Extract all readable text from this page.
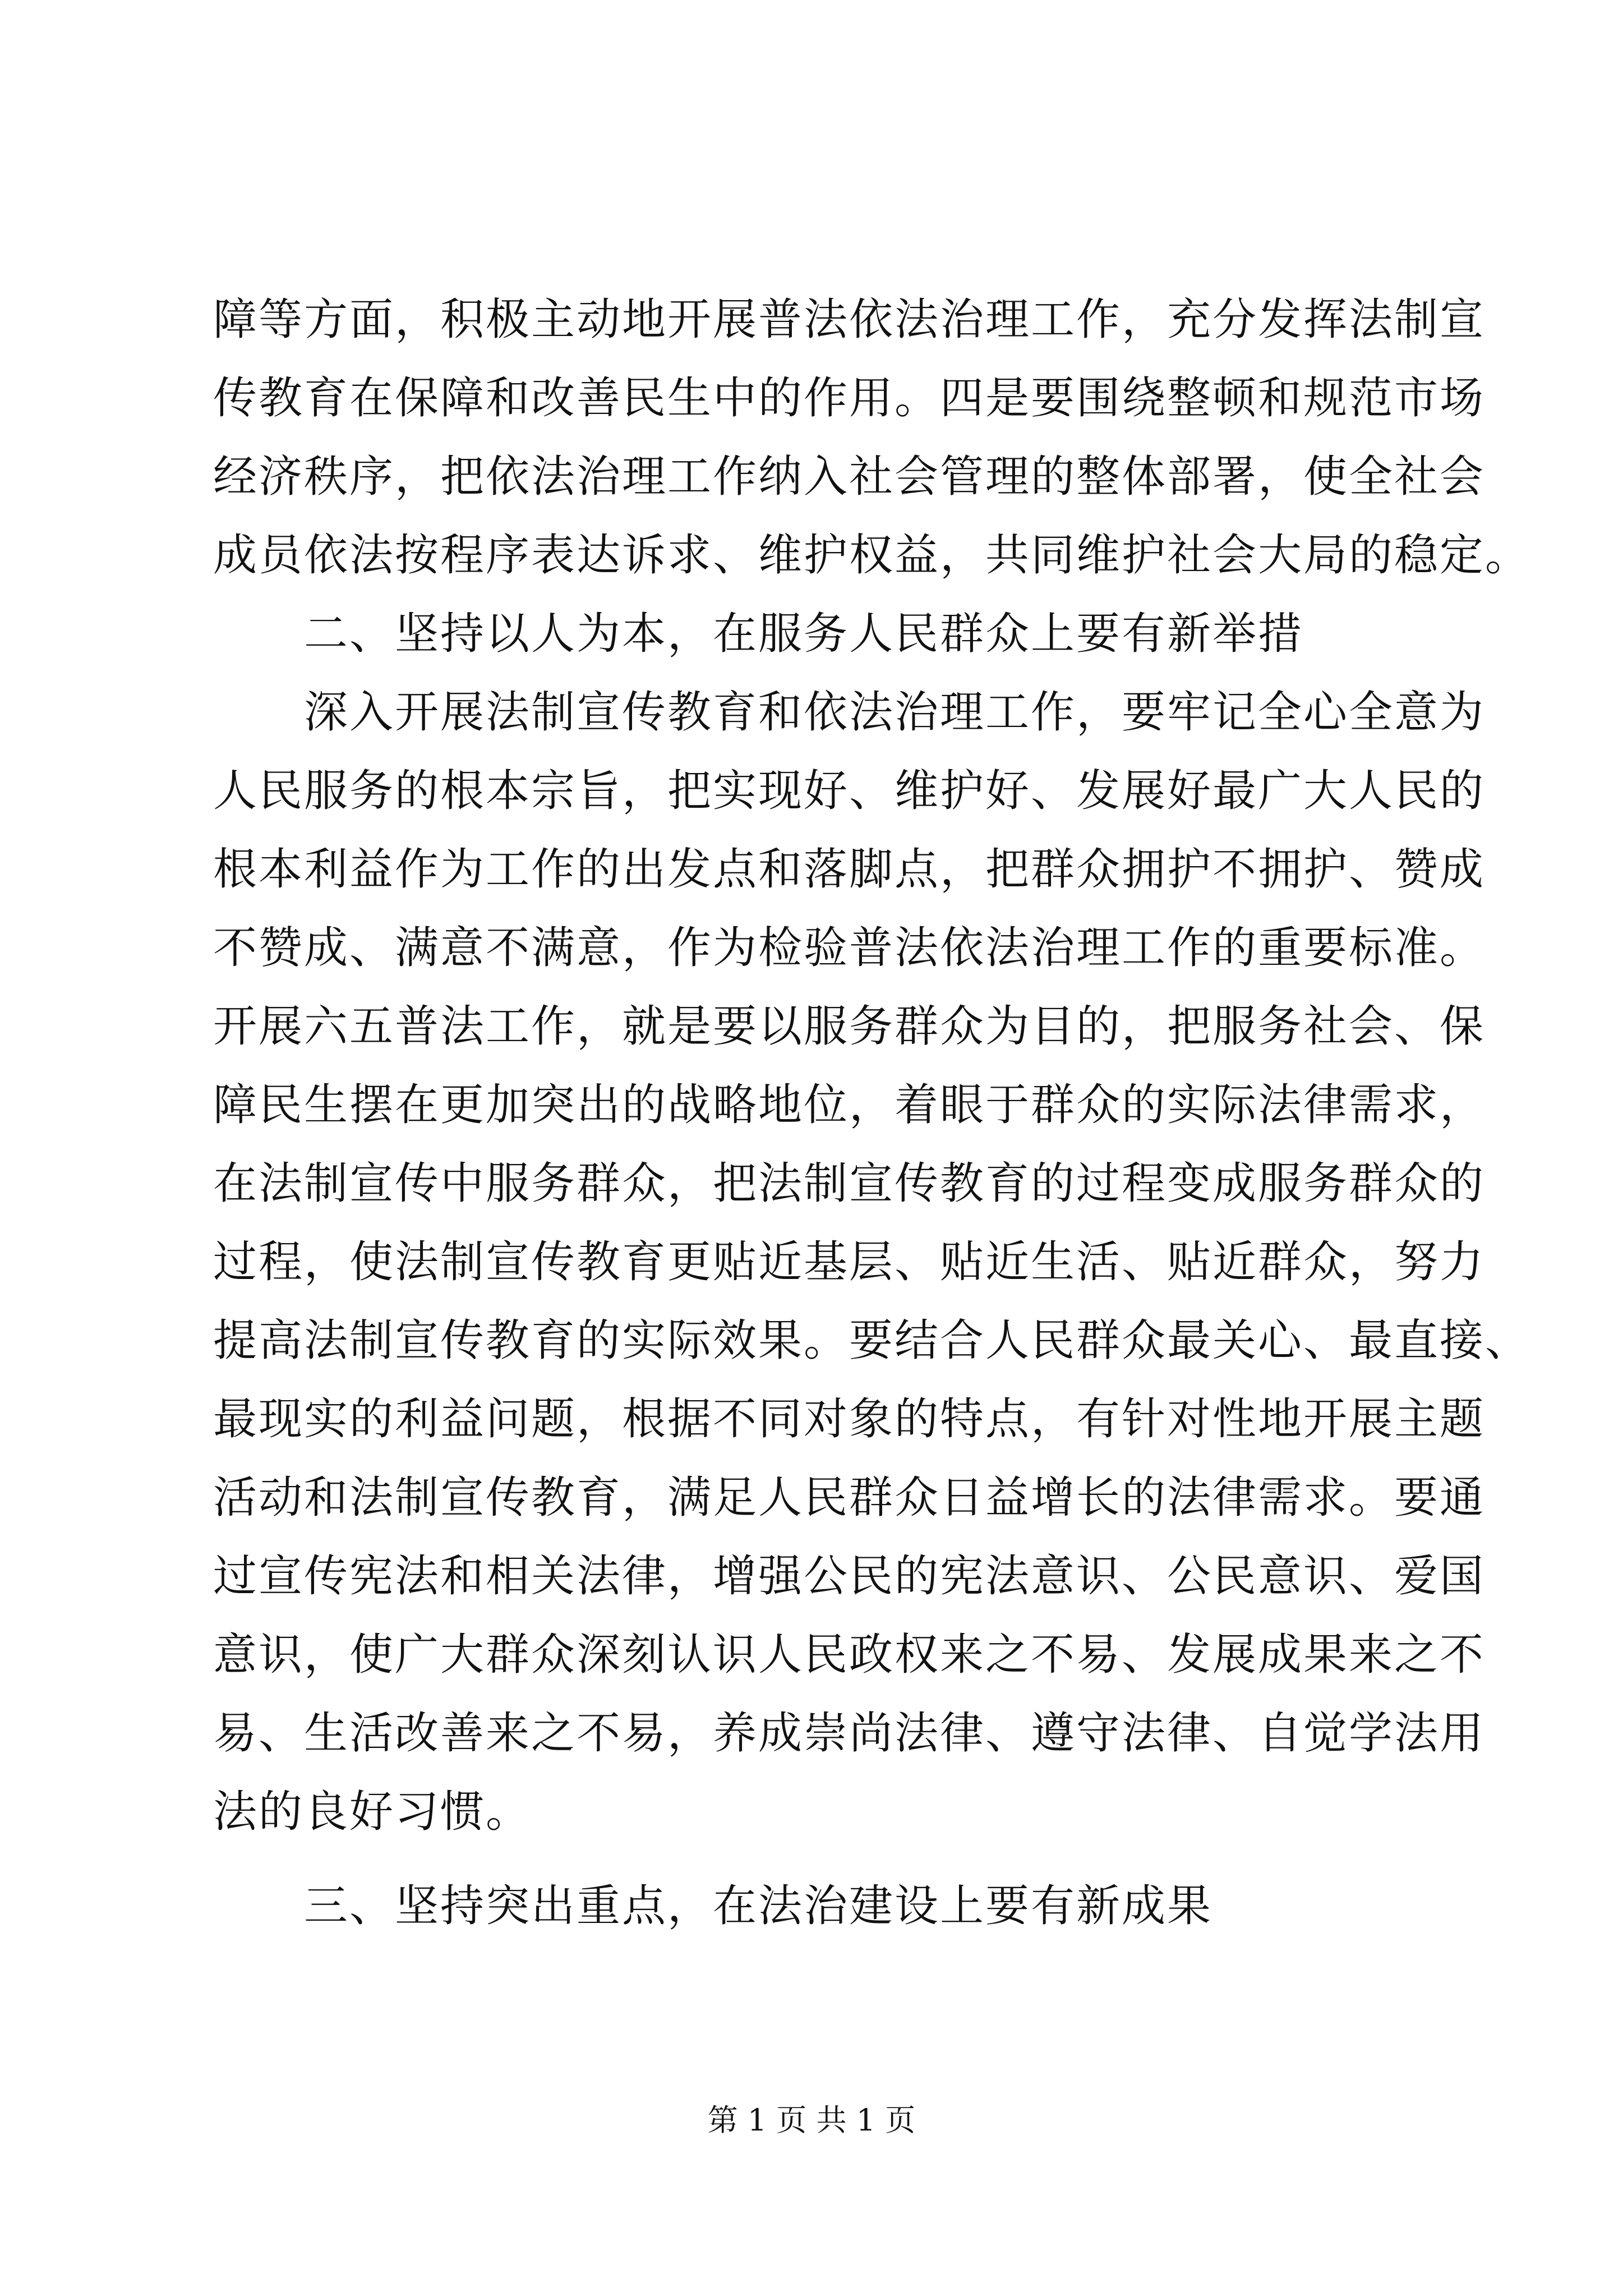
障等方面，积极主动地开展普法依法治理工作，充分发挥法制宣
传教育在保障和改善民生中的作用。四是要围绕整顿和规范市场
经济秩序，把依法治理工作纳入社会管理的整体部署，使全社会
成员依法按程序表达诉求、维护权益，共同维护社会大局的稳定。
　　二、坚持以人为本，在服务人民群众上要有新举措
　　深入开展法制宣传教育和依法治理工作，要牢记全心全意为
人民服务的根本宗旨，把实现好、维护好、发展好最广大人民的
根本利益作为工作的出发点和落脚点，把群众拥护不拥护、赞成
不赞成、满意不满意，作为检验普法依法治理工作的重要标准。
开展六五普法工作，就是要以服务群众为目的，把服务社会、保
障民生摆在更加突出的战略地位，着眼于群众的实际法律需求，
在法制宣传中服务群众，把法制宣传教育的过程变成服务群众的
过程，使法制宣传教育更贴近基层、贴近生活、贴近群众，努力
提高法制宣传教育的实际效果。要结合人民群众最关心、最直接、
最现实的利益问题，根据不同对象的特点，有针对性地开展主题
活动和法制宣传教育，满足人民群众日益增长的法律需求。要通
过宣传宪法和相关法律，增强公民的宪法意识、公民意识、爱国
意识，使广大群众深刻认识人民政权来之不易、发展成果来之不
易、生活改善来之不易，养成崇尚法律、遵守法律、自觉学法用
法的良好习惯。
　　三、坚持突出重点，在法治建设上要有新成果
第 1 页 共 1 页
